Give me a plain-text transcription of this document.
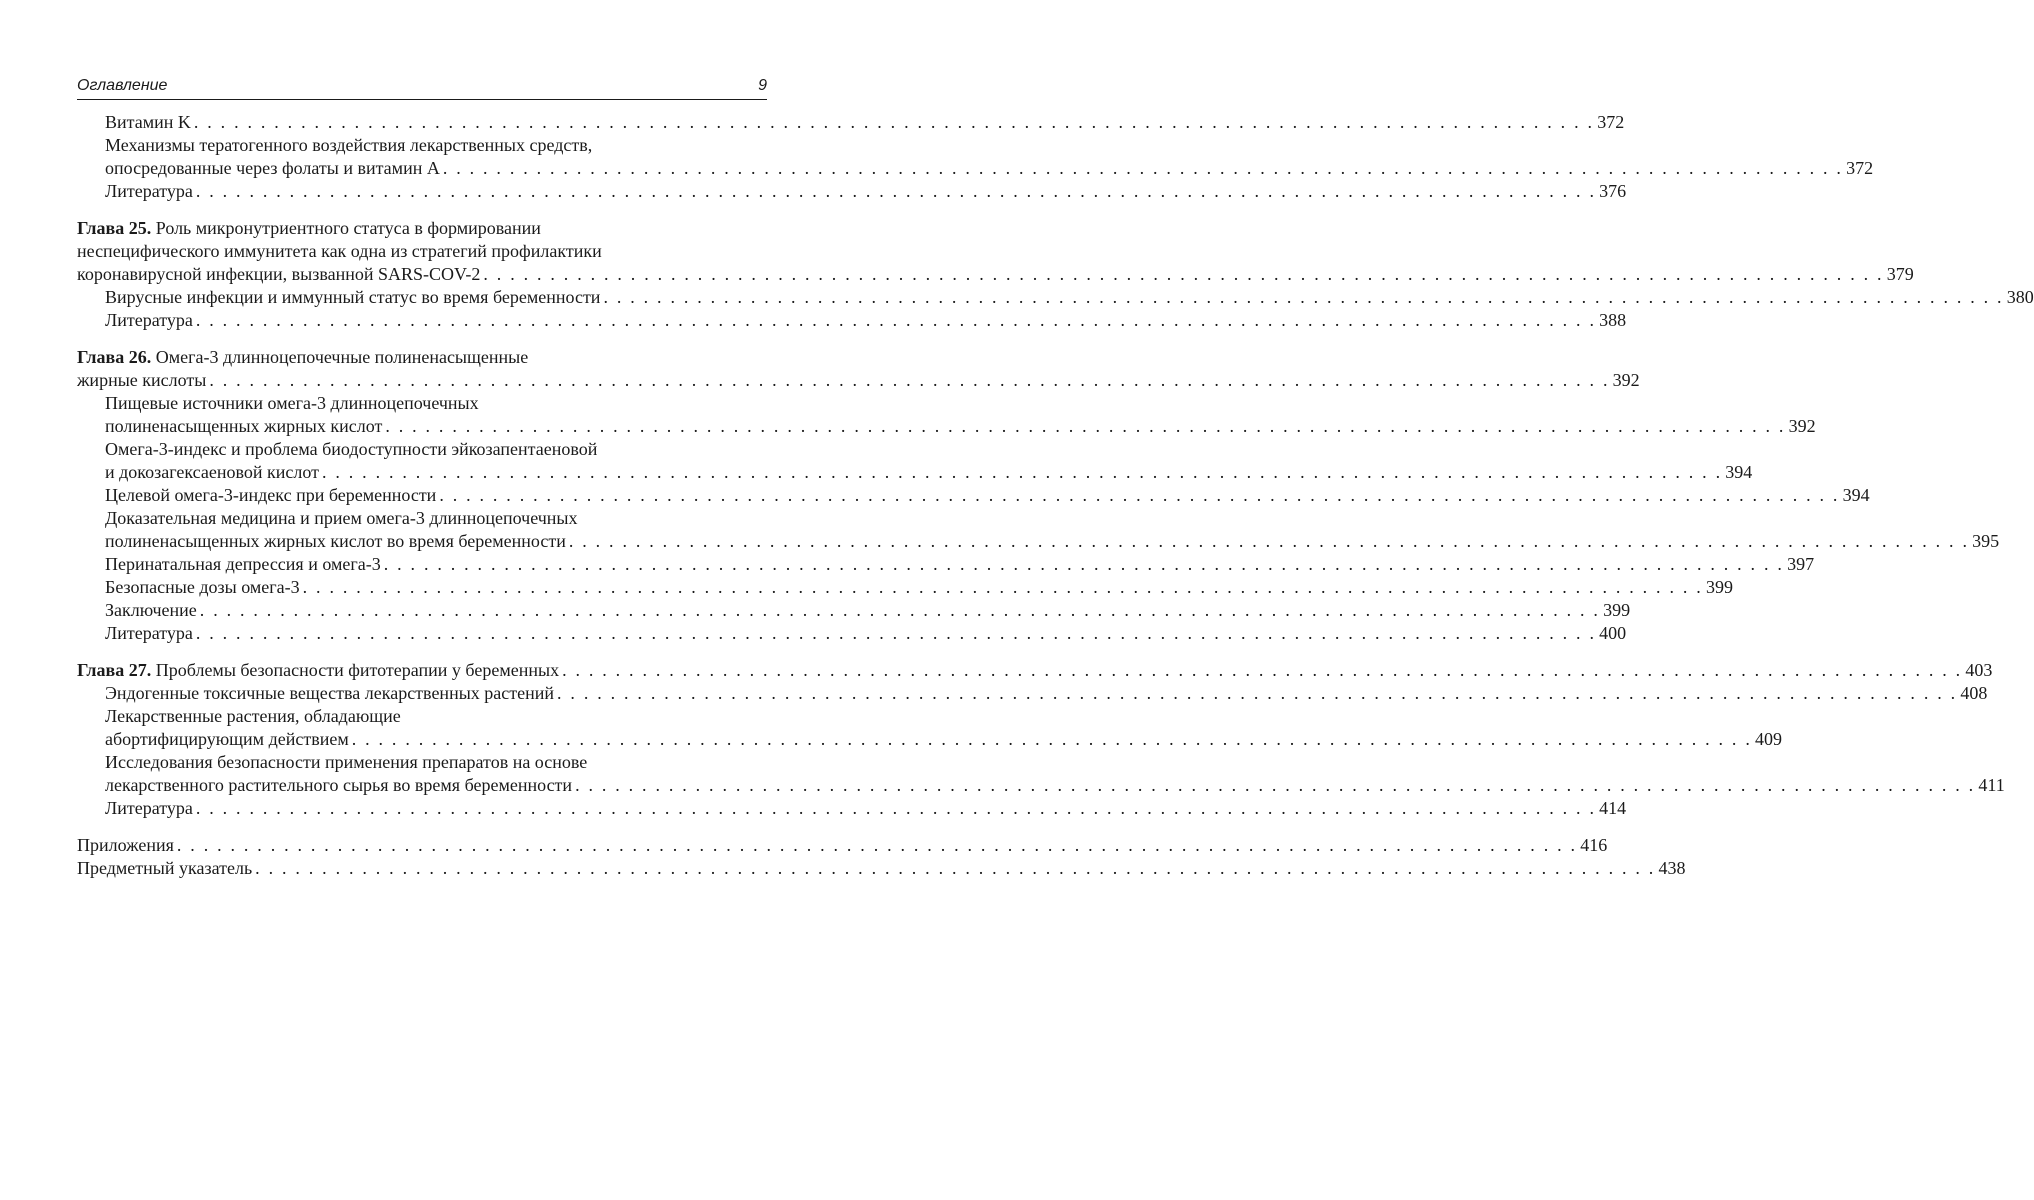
Оглавление	9
Витамин K . . . . . . . . . . . . . . . . . . . . . . . . . . . . . . . . . . . . . . . . . . . . . . . . . . . . . . . . . . . . . . . . . . . . . . . . . . . . . . . . . . . . . . . . . . . . . . . . . . . . . . . . . 372
Механизмы тератогенного воздействия лекарственных средств,
опосредованные через фолаты и витамин A . . . . . . . . . . . . . . . . . . . . . . . . . . . . . . . . . . . . . . . . . . . . . . . . . . . . . . . . . . . . . . . . . . . . . . . . . . . . . . . . . . . . . . . . . . . . . . . . . . . . . . . . . 372
Литература . . . . . . . . . . . . . . . . . . . . . . . . . . . . . . . . . . . . . . . . . . . . . . . . . . . . . . . . . . . . . . . . . . . . . . . . . . . . . . . . . . . . . . . . . . . . . . . . . . . . . . . . . 376
Глава 25. Роль микронутриентного статуса в формировании
неспецифического иммунитета как одна из стратегий профилактики
коронавирусной инфекции, вызванной SARS-COV-2 . . . . . . . . . . . . . . . . . . . . . . . . . . . . . . . . . . . . . . . . . . . . . . . . . . . . . . . . . . . . . . . . . . . . . . . . . . . . . . . . . . . . . . . . . . . . . . . . . . . . . . . . . 379
Вирусные инфекции и иммунный статус во время беременности . . . . . . . . . . . . . . . . . . . . . . . . . . . . . . . . . . . . . . . . . . . . . . . . . . . . . . . . . . . . . . . . . . . . . . . . . . . . . . . . . . . . . . . . . . . . . . . . . . . . . . . . . 380
Литература . . . . . . . . . . . . . . . . . . . . . . . . . . . . . . . . . . . . . . . . . . . . . . . . . . . . . . . . . . . . . . . . . . . . . . . . . . . . . . . . . . . . . . . . . . . . . . . . . . . . . . . . . 388
Глава 26. Омега-3 длинноцепочечные полиненасыщенные
жирные кислоты . . . . . . . . . . . . . . . . . . . . . . . . . . . . . . . . . . . . . . . . . . . . . . . . . . . . . . . . . . . . . . . . . . . . . . . . . . . . . . . . . . . . . . . . . . . . . . . . . . . . . . . . . 392
Пищевые источники омега-3 длинноцепочечных
полиненасыщенных жирных кислот . . . . . . . . . . . . . . . . . . . . . . . . . . . . . . . . . . . . . . . . . . . . . . . . . . . . . . . . . . . . . . . . . . . . . . . . . . . . . . . . . . . . . . . . . . . . . . . . . . . . . . . . . 392
Омега-3-индекс и проблема биодоступности эйкозапентаеновой
и докозагексаеновой кислот . . . . . . . . . . . . . . . . . . . . . . . . . . . . . . . . . . . . . . . . . . . . . . . . . . . . . . . . . . . . . . . . . . . . . . . . . . . . . . . . . . . . . . . . . . . . . . . . . . . . . . . . . 394
Целевой омега-3-индекс при беременности . . . . . . . . . . . . . . . . . . . . . . . . . . . . . . . . . . . . . . . . . . . . . . . . . . . . . . . . . . . . . . . . . . . . . . . . . . . . . . . . . . . . . . . . . . . . . . . . . . . . . . . . . 394
Доказательная медицина и прием омега-3 длинноцепочечных
полиненасыщенных жирных кислот во время беременности . . . . . . . . . . . . . . . . . . . . . . . . . . . . . . . . . . . . . . . . . . . . . . . . . . . . . . . . . . . . . . . . . . . . . . . . . . . . . . . . . . . . . . . . . . . . . . . . . . . . . . . . . 395
Перинатальная депрессия и омега-3 . . . . . . . . . . . . . . . . . . . . . . . . . . . . . . . . . . . . . . . . . . . . . . . . . . . . . . . . . . . . . . . . . . . . . . . . . . . . . . . . . . . . . . . . . . . . . . . . . . . . . . . . . 397
Безопасные дозы омега-3 . . . . . . . . . . . . . . . . . . . . . . . . . . . . . . . . . . . . . . . . . . . . . . . . . . . . . . . . . . . . . . . . . . . . . . . . . . . . . . . . . . . . . . . . . . . . . . . . . . . . . . . . . 399
Заключение . . . . . . . . . . . . . . . . . . . . . . . . . . . . . . . . . . . . . . . . . . . . . . . . . . . . . . . . . . . . . . . . . . . . . . . . . . . . . . . . . . . . . . . . . . . . . . . . . . . . . . . . . 399
Литература . . . . . . . . . . . . . . . . . . . . . . . . . . . . . . . . . . . . . . . . . . . . . . . . . . . . . . . . . . . . . . . . . . . . . . . . . . . . . . . . . . . . . . . . . . . . . . . . . . . . . . . . . 400
Глава 27. Проблемы безопасности фитотерапии у беременных . . . . . . . . . . . . . . . . . . . . . . . . . . . . . . . . . . . . . . . . . . . . . . . . . . . . . . . . . . . . . . . . . . . . . . . . . . . . . . . . . . . . . . . . . . . . . . . . . . . . . . . . . 403
Эндогенные токсичные вещества лекарственных растений . . . . . . . . . . . . . . . . . . . . . . . . . . . . . . . . . . . . . . . . . . . . . . . . . . . . . . . . . . . . . . . . . . . . . . . . . . . . . . . . . . . . . . . . . . . . . . . . . . . . . . . . . 408
Лекарственные растения, обладающие
абортифицирующим действием . . . . . . . . . . . . . . . . . . . . . . . . . . . . . . . . . . . . . . . . . . . . . . . . . . . . . . . . . . . . . . . . . . . . . . . . . . . . . . . . . . . . . . . . . . . . . . . . . . . . . . . . . 409
Исследования безопасности применения препаратов на основе
лекарственного растительного сырья во время беременности . . . . . . . . . . . . . . . . . . . . . . . . . . . . . . . . . . . . . . . . . . . . . . . . . . . . . . . . . . . . . . . . . . . . . . . . . . . . . . . . . . . . . . . . . . . . . . . . . . . . . . . . . 411
Литература . . . . . . . . . . . . . . . . . . . . . . . . . . . . . . . . . . . . . . . . . . . . . . . . . . . . . . . . . . . . . . . . . . . . . . . . . . . . . . . . . . . . . . . . . . . . . . . . . . . . . . . . . 414
Приложения . . . . . . . . . . . . . . . . . . . . . . . . . . . . . . . . . . . . . . . . . . . . . . . . . . . . . . . . . . . . . . . . . . . . . . . . . . . . . . . . . . . . . . . . . . . . . . . . . . . . . . . . . 416
Предметный указатель . . . . . . . . . . . . . . . . . . . . . . . . . . . . . . . . . . . . . . . . . . . . . . . . . . . . . . . . . . . . . . . . . . . . . . . . . . . . . . . . . . . . . . . . . . . . . . . . . . . . . . . . . 438
